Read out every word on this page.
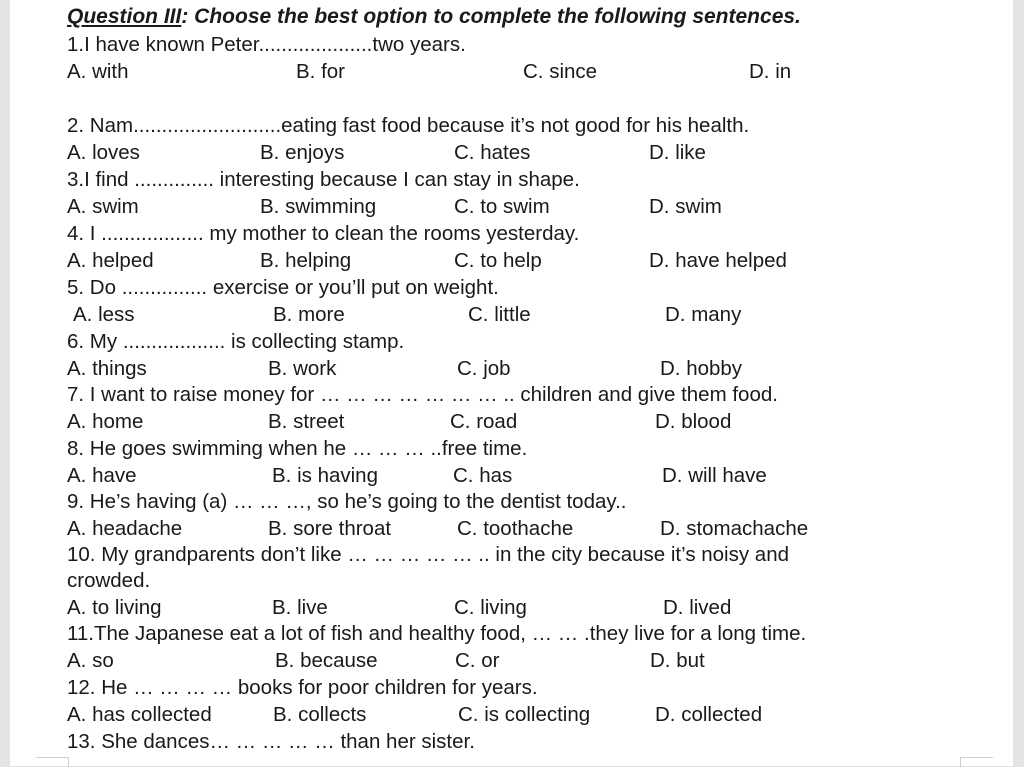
Question III: Choose the best option to complete the following sentences.
1.I have known Peter....................two years.
A. with	B. for	C. since	D. in
2. Nam..........................eating fast food because it’s not good for his health.
A. loves	B. enjoys	C. hates	D. like
3.I find .............. interesting because I can stay in shape.
A. swim	B. swimming	C. to swim	D. swim
4. I .................. my mother to clean the rooms yesterday.
A. helped	B. helping	C. to help	D. have helped
5. Do ............... exercise or you’ll put on weight.
A. less	B. more	C. little	D. many
6. My .................. is collecting stamp.
A. things	B. work	C. job	D. hobby
7. I want to raise money for … … … … … … … .. children and give them food.
A. home	B. street	C. road	D. blood
8. He goes swimming when he … … … ..free time.
A. have	B. is having	C. has	D. will have
9. He’s having (a) … … …, so he’s going to the dentist today..
A. headache	B. sore throat	C. toothache	D. stomachache
10. My grandparents don’t like … … … … … .. in the city because it’s noisy and
crowded.
A. to living	B. live	C. living	D. lived
11.The Japanese eat a lot of fish and healthy food, … … .they live for a long time.
A. so	B. because	C. or	D. but
12. He … … … … books for poor children for years.
A. has collected	B. collects	C. is collecting	D. collected
13. She dances… … … … … than her sister.
